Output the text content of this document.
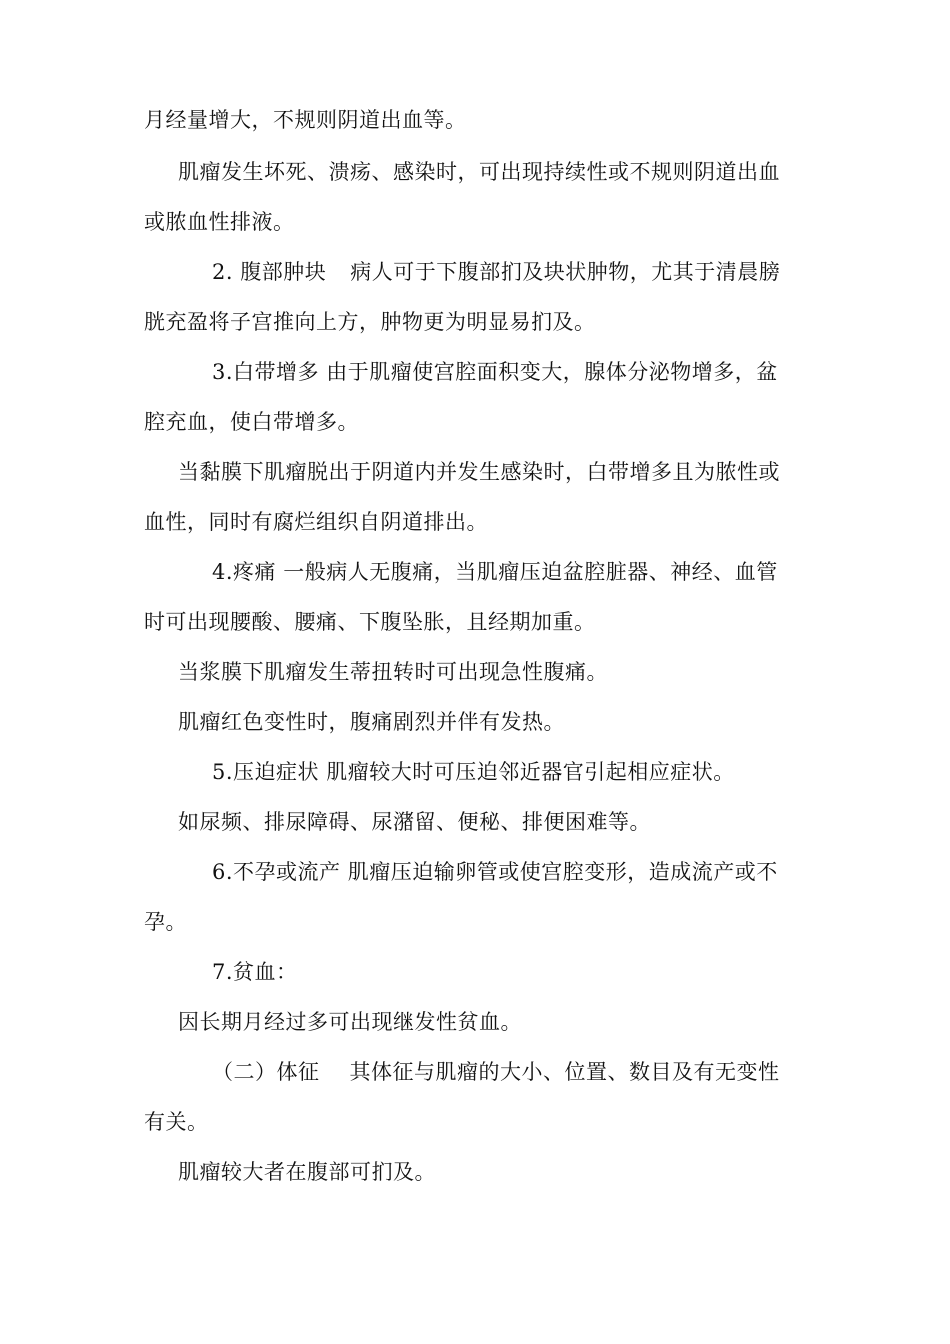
月经量增大，不规则阴道出血等。
肌瘤发生坏死、溃疡、感染时，可出现持续性或不规则阴道出血
或脓血性排液。
2. 腹部肿块 病人可于下腹部扪及块状肿物，尤其于清晨膀
胱充盈将子宫推向上方，肿物更为明显易扪及。
3.白带增多 由于肌瘤使宫腔面积变大，腺体分泌物增多，盆
腔充血，使白带增多。
当黏膜下肌瘤脱出于阴道内并发生感染时，白带增多且为脓性或
血性，同时有腐烂组织自阴道排出。
4.疼痛 一般病人无腹痛，当肌瘤压迫盆腔脏器、神经、血管
时可出现腰酸、腰痛、下腹坠胀，且经期加重。
当浆膜下肌瘤发生蒂扭转时可出现急性腹痛。
肌瘤红色变性时，腹痛剧烈并伴有发热。
5.压迫症状 肌瘤较大时可压迫邻近器官引起相应症状。
如尿频、排尿障碍、尿潴留、便秘、排便困难等。
6.不孕或流产 肌瘤压迫输卵管或使宫腔变形，造成流产或不
孕。
7.贫血：
因长期月经过多可出现继发性贫血。
（二）体征 其体征与肌瘤的大小、位置、数目及有无变性
有关。
肌瘤较大者在腹部可扪及。
